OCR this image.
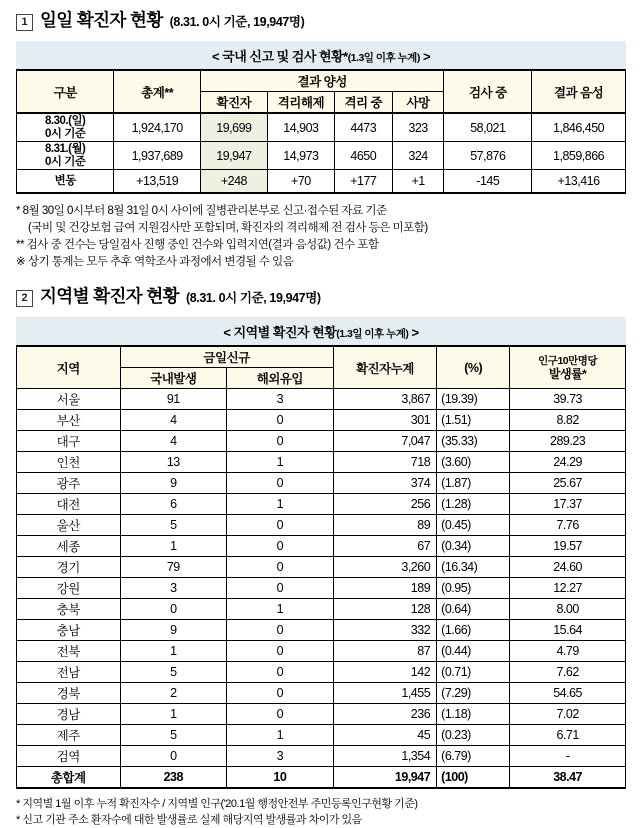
1 일일 확진자 현황 (8.31. 0시 기준, 19,947명)
< 국내 신고 및 검사 현황*(1.3일 이후 누계) >
구분	총계**	결과 양성				검사 중	결과 음성
		확진자	격리해제	격리 중	사망		
8.30.(일)
0시 기준	1,924,170	19,699	14,903	4473	323	58,021	1,846,450
8.31.(월)
0시 기준	1,937,689	19,947	14,973	4650	324	57,876	1,859,866
변동	+13,519	+248	+70	+177	+1	-145	+13,416
* 8월 30일 0시부터 8월 31일 0시 사이에 질병관리본부로 신고·접수된 자료 기준
(국비 및 건강보험 급여 지원검사만 포함되며, 확진자의 격리해제 전 검사 등은 미포함)
** 검사 중 건수는 당일검사 진행 중인 건수와 입력지연(결과 음성값) 건수 포함
※ 상기 통계는 모두 추후 역학조사 과정에서 변경될 수 있음
2 지역별 확진자 현황 (8.31. 0시 기준, 19,947명)
< 지역별 확진자 현황(1.3일 이후 누계) >
지역	금일신규		확진자누계	(%)	인구10만명당
발생률*

	국내발생	해외유입			
서울	91	3	3,867	(19.39)	39.73
부산	4	0	301	(1.51)	8.82
대구	4	0	7,047	(35.33)	289.23
인천	13	1	718	(3.60)	24.29
광주	9	0	374	(1.87)	25.67
대전	6	1	256	(1.28)	17.37
울산	5	0	89	(0.45)	7.76
세종	1	0	67	(0.34)	19.57
경기	79	0	3,260	(16.34)	24.60
강원	3	0	189	(0.95)	12.27
충북	0	1	128	(0.64)	8.00
충남	9	0	332	(1.66)	15.64
전북	1	0	87	(0.44)	4.79
전남	5	0	142	(0.71)	7.62
경북	2	0	1,455	(7.29)	54.65
경남	1	0	236	(1.18)	7.02
제주	5	1	45	(0.23)	6.71
검역	0	3	1,354	(6.79)	-
총합계	238	10	19,947	(100)	38.47
* 지역별 1월 이후 누적 확진자수 / 지역별 인구('20.1월 행정안전부 주민등록인구현황 기준)
* 신고 기관 주소 환자수에 대한 발생률로 실제 해당지역 발생률과 차이가 있음
